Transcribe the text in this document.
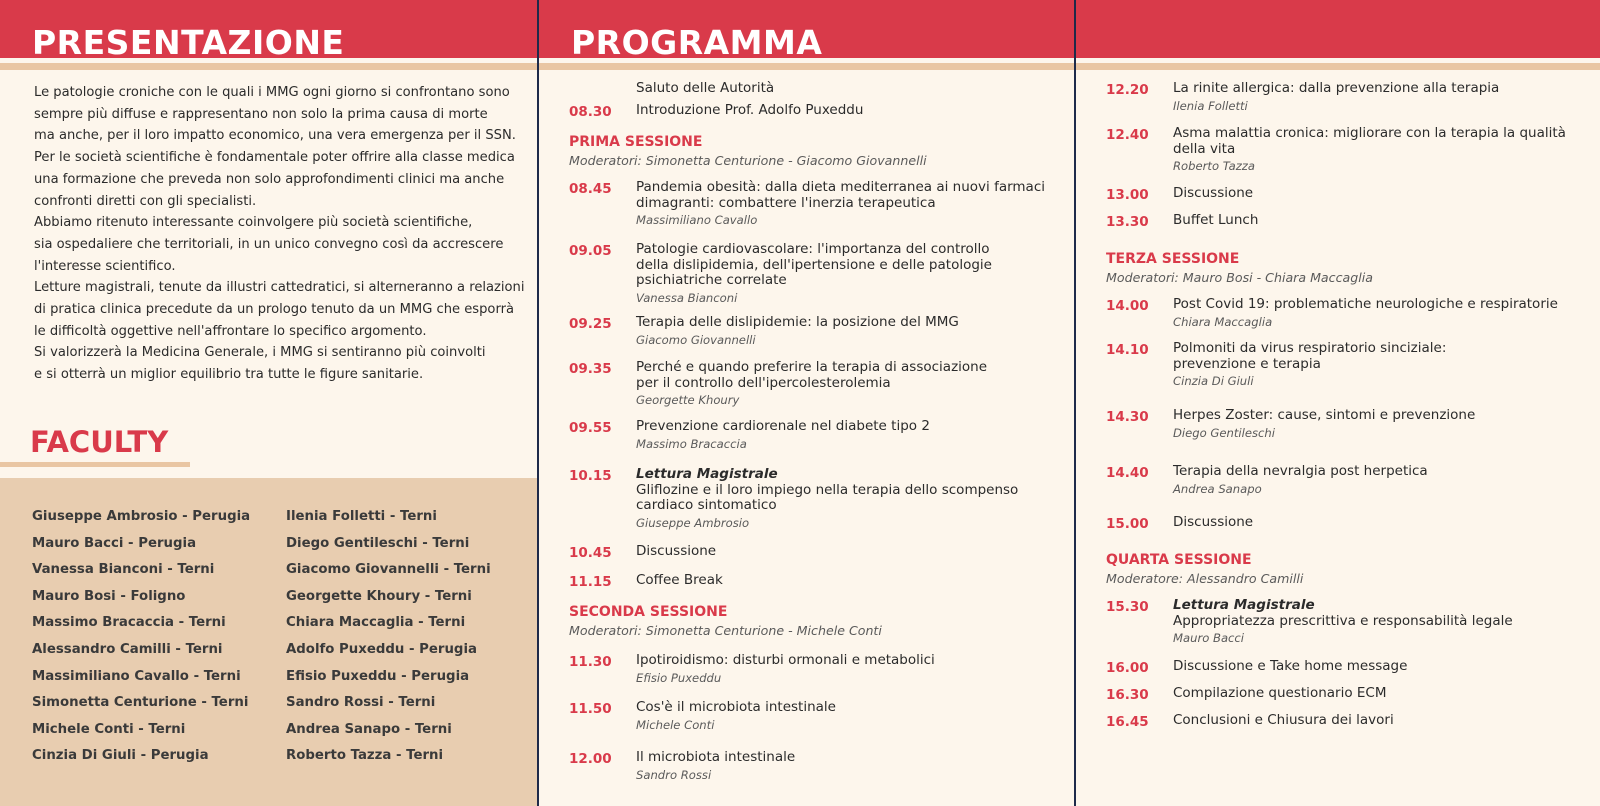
PRESENTAZIONE
Le patologie croniche con le quali i MMG ogni giorno si confrontano sono
sempre più diffuse e rappresentano non solo la prima causa di morte
ma anche, per il loro impatto economico, una vera emergenza per il SSN.
Per le società scientifiche è fondamentale poter offrire alla classe medica
una formazione che preveda non solo approfondimenti clinici ma anche
confronti diretti con gli specialisti.
Abbiamo ritenuto interessante coinvolgere più società scientifiche,
sia ospedaliere che territoriali, in un unico convegno così da accrescere
l'interesse scientifico.
Letture magistrali, tenute da illustri cattedratici, si alterneranno a relazioni
di pratica clinica precedute da un prologo tenuto da un MMG che esporrà
le difficoltà oggettive nell'affrontare lo specifico argomento.
Si valorizzerà la Medicina Generale, i MMG si sentiranno più coinvolti
e si otterrà un miglior equilibrio tra tutte le figure sanitarie.
FACULTY
Giuseppe Ambrosio - Perugia
Mauro Bacci - Perugia
Vanessa Bianconi - Terni
Mauro Bosi - Foligno
Massimo Bracaccia - Terni
Alessandro Camilli - Terni
Massimiliano Cavallo - Terni
Simonetta Centurione - Terni
Michele Conti - Terni
Cinzia Di Giuli - Perugia
Ilenia Folletti - Terni
Diego Gentileschi - Terni
Giacomo Giovannelli - Terni
Georgette Khoury - Terni
Chiara Maccaglia - Terni
Adolfo Puxeddu - Perugia
Efisio Puxeddu - Perugia
Sandro Rossi - Terni
Andrea Sanapo - Terni
Roberto Tazza - Terni
PROGRAMMA
Saluto delle Autorità
08.30 Introduzione Prof. Adolfo Puxeddu
PRIMA SESSIONE
Moderatori: Simonetta Centurione - Giacomo Giovannelli
08.45 Pandemia obesità: dalla dieta mediterranea ai nuovi farmaci
dimagranti: combattere l'inerzia terapeutica
Massimiliano Cavallo
09.05 Patologie cardiovascolare: l'importanza del controllo
della dislipidemia, dell'ipertensione e delle patologie
psichiatriche correlate
Vanessa Bianconi
09.25 Terapia delle dislipidemie: la posizione del MMG
Giacomo Giovannelli
09.35 Perché e quando preferire la terapia di associazione
per il controllo dell'ipercolesterolemia
Georgette Khoury
09.55 Prevenzione cardiorenale nel diabete tipo 2
Massimo Bracaccia
10.15 Lettura Magistrale
Gliflozine e il loro impiego nella terapia dello scompenso
cardiaco sintomatico
Giuseppe Ambrosio
10.45 Discussione
11.15 Coffee Break
SECONDA SESSIONE
Moderatori: Simonetta Centurione - Michele Conti
11.30 Ipotiroidismo: disturbi ormonali e metabolici
Efisio Puxeddu
11.50 Cos'è il microbiota intestinale
Michele Conti
12.00 Il microbiota intestinale
Sandro Rossi
12.20 La rinite allergica: dalla prevenzione alla terapia
Ilenia Folletti
12.40 Asma malattia cronica: migliorare con la terapia la qualità
della vita
Roberto Tazza
13.00 Discussione
13.30 Buffet Lunch
TERZA SESSIONE
Moderatori: Mauro Bosi - Chiara Maccaglia
14.00 Post Covid 19: problematiche neurologiche e respiratorie
Chiara Maccaglia
14.10 Polmoniti da virus respiratorio sinciziale:
prevenzione e terapia
Cinzia Di Giuli
14.30 Herpes Zoster: cause, sintomi e prevenzione
Diego Gentileschi
14.40 Terapia della nevralgia post herpetica
Andrea Sanapo
15.00 Discussione
QUARTA SESSIONE
Moderatore: Alessandro Camilli
15.30 Lettura Magistrale
Appropriatezza prescrittiva e responsabilità legale
Mauro Bacci
16.00 Discussione e Take home message
16.30 Compilazione questionario ECM
16.45 Conclusioni e Chiusura dei lavori
